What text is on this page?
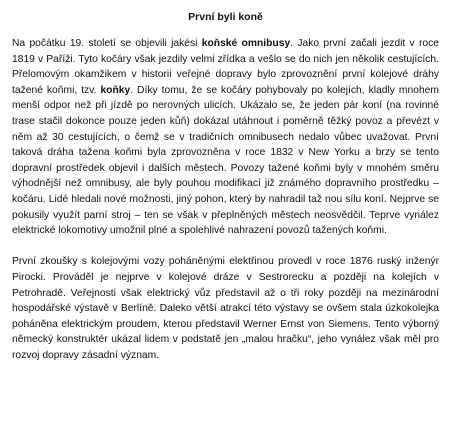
První byli koně

Na počátku 19. století se objevili jakési koňské omnibusy. Jako první začali jezdit v roce 1819 v Paříži. Tyto kočáry však jezdily velmi zřídka a vešlo se do nich jen několik cestujících. Přelomovým okamžikem v historii veřejné dopravy bylo zprovoznění první kolejové dráhy tažené koňmi, tzv. koňky. Díky tomu, že se kočáry pohybovaly po kolejích, kladly mnohem menší odpor než při jízdě po nerovných ulicích. Ukázalo se, že jeden pár koní (na rovinné trase stačil dokonce pouze jeden kůň) dokázal utáhnout i poměrně těžký povoz a převézt v něm až 30 cestujících, o čemž se v tradičních omnibusech nedalo vůbec uvažovat. První taková dráha tažena koňmi byla zprovozněna v roce 1832 v New Yorku a brzy se tento dopravní prostředek objevil i dalších městech. Povozy tažené koňmi byly v mnohém směru výhodnější než omnibusy, ale byly pouhou modifikací již známého dopravního prostředku – kočáru. Lidé hledali nové možnosti, jiný pohon, který by nahradil taž nou sílu koní. Nejprve se pokusily využít parní stroj – ten se však v přeplněných městech neosvědčil. Teprve vynález elektrické lokomotivy umožnil plné a spolehlivé nahrazení povozů tažených koňmi.

První zkoušky s kolejovými vozy poháněnými elektřinou provedl v roce 1876 ruský inženýr Pirocki. Prováděl je nejprve v kolejové dráze v Sestrorecku a později na kolejích v Petrohradě. Veřejnosti však elektrický vůz představil až o tři roky později na mezinárodní hospodářské výstavě v Berlíně. Daleko větší atrakcí této výstavy se ovšem stala úzkokolejka poháněna elektrickým proudem, kterou představil Werner Ernst von Siemens. Tento výborný německý konstruktér ukázal lidem v podstatě jen „malou hračku“, jeho vynález však měl pro rozvoj dopravy zásadní význam.
